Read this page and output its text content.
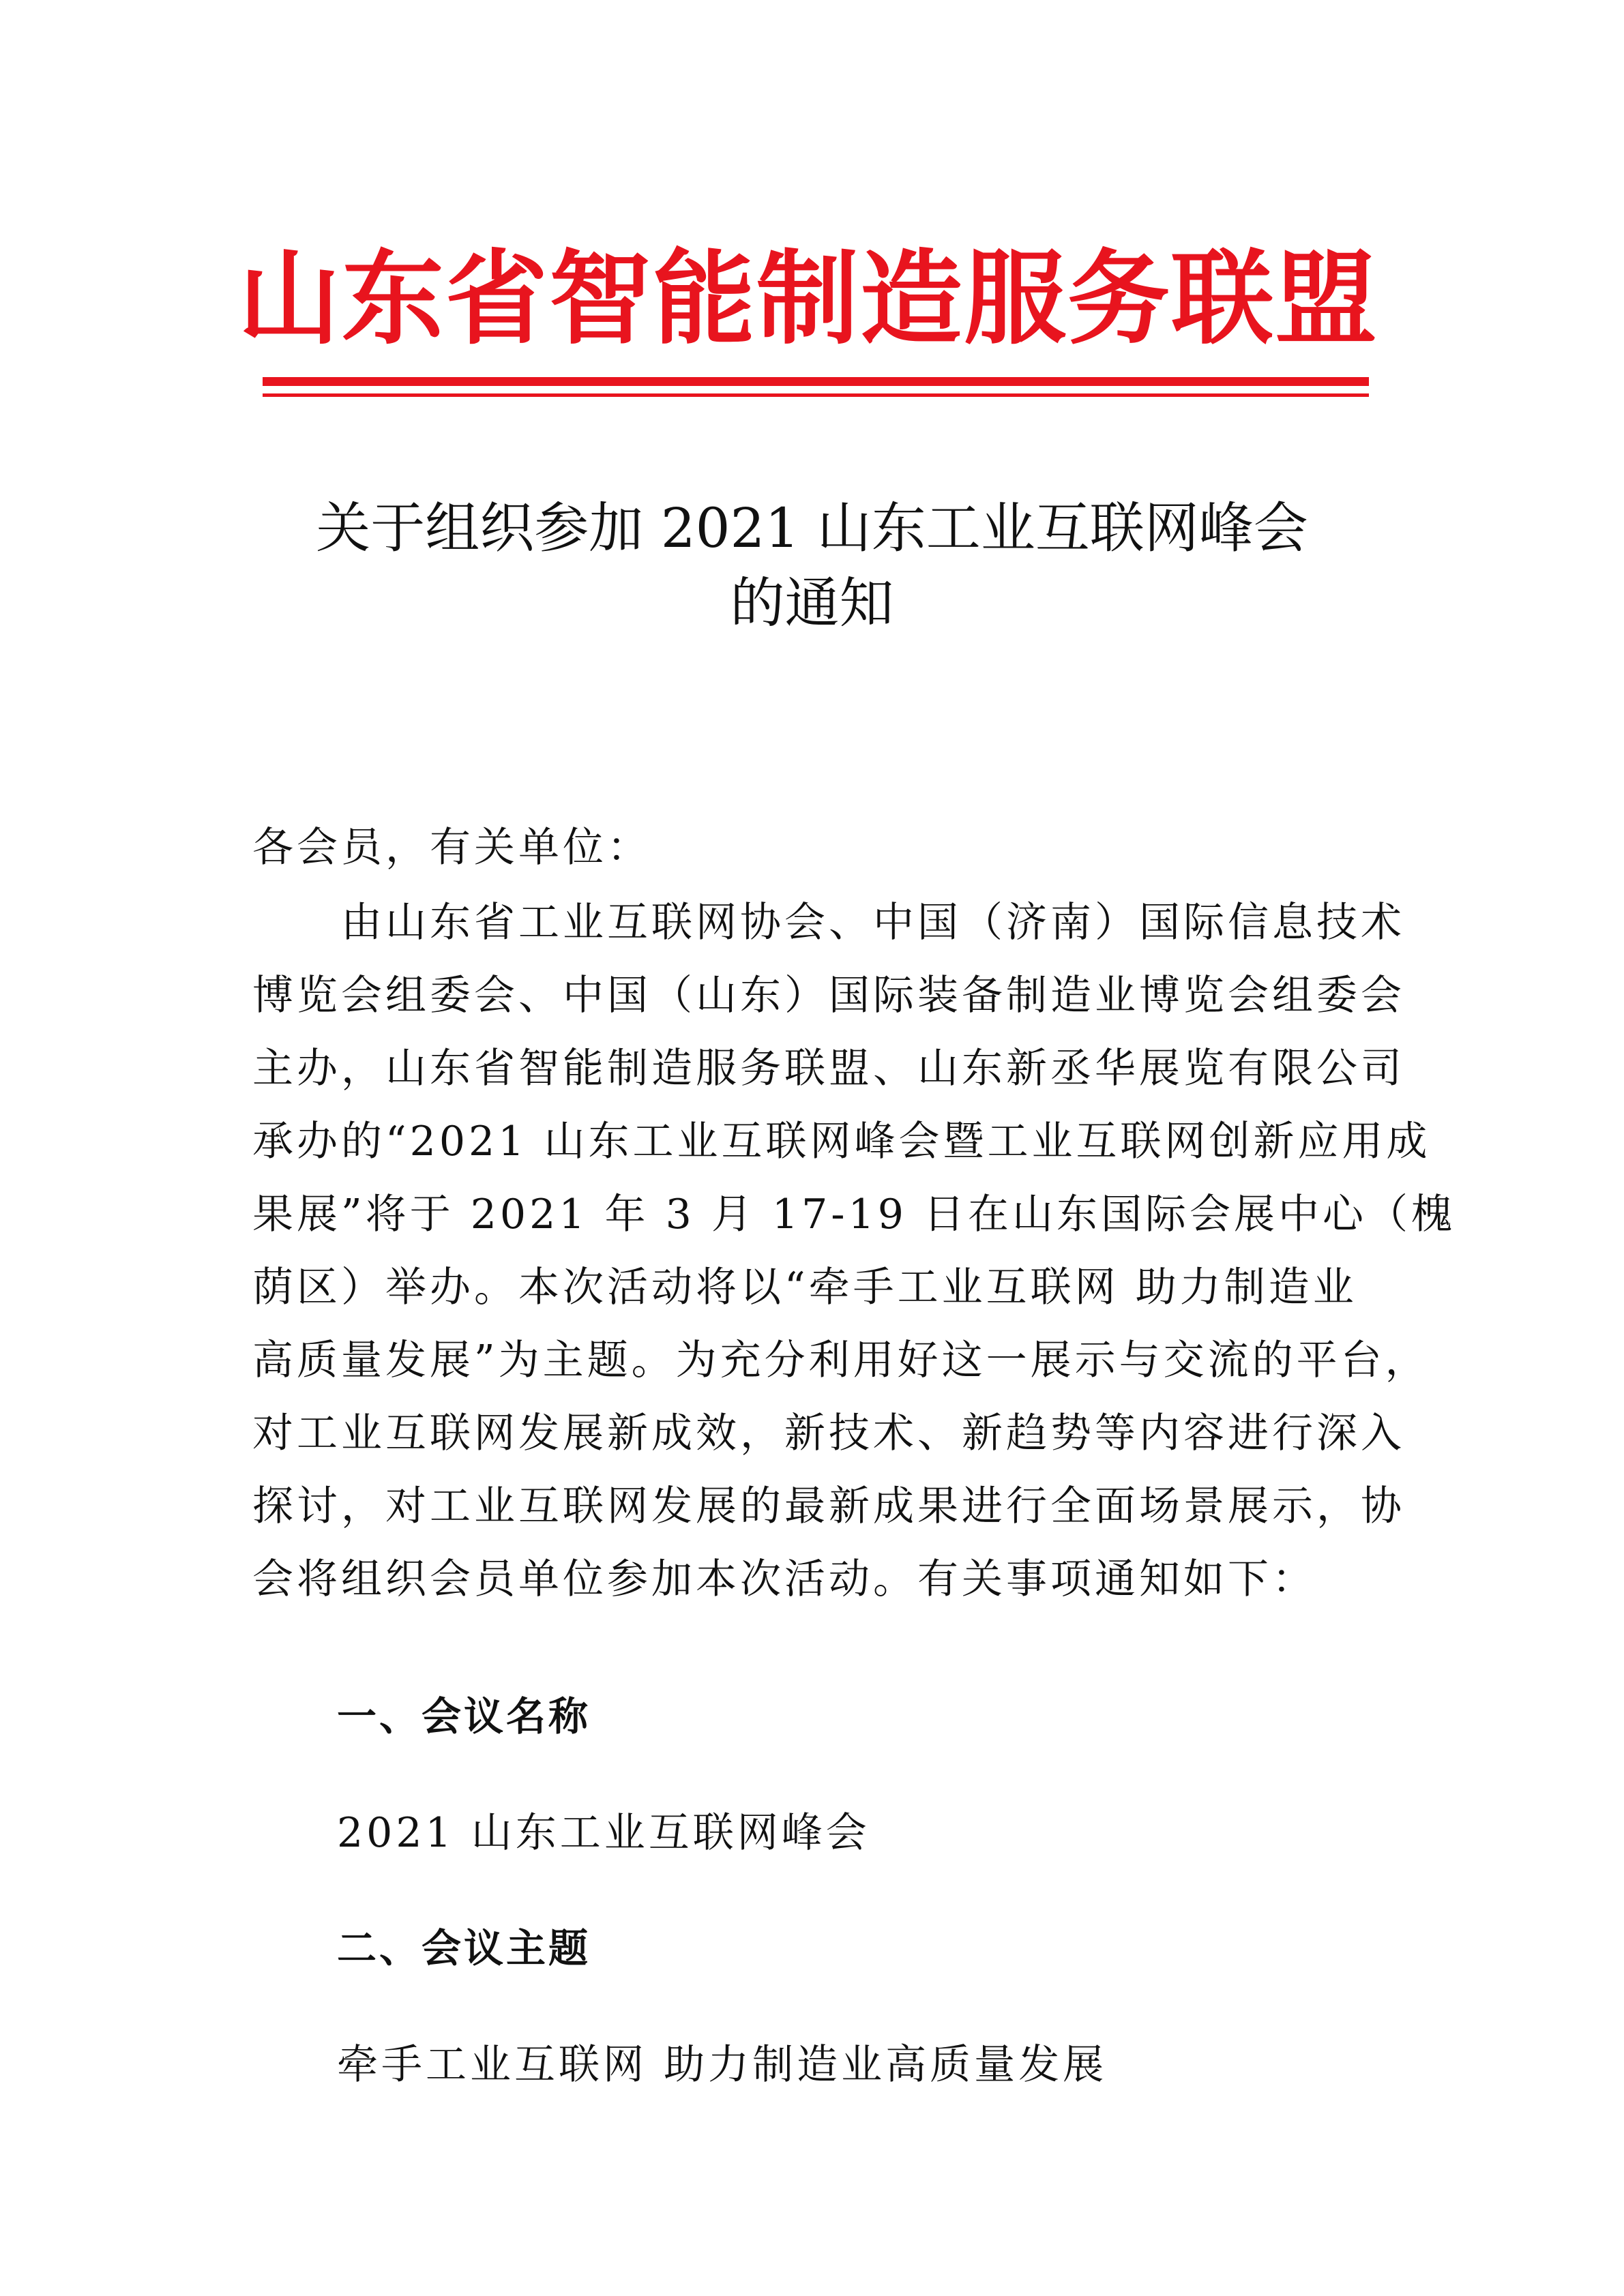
山东省智能制造服务联盟
关于组织参加 2021 山东工业互联网峰会
的通知
各会员，有关单位：
　　由山东省工业互联网协会、中国（济南）国际信息技术
博览会组委会、中国（山东）国际装备制造业博览会组委会
主办，山东省智能制造服务联盟、山东新丞华展览有限公司
承办的“2021 山东工业互联网峰会暨工业互联网创新应用成
果展”将于 2021 年 3 月 17-19 日在山东国际会展中心（槐
荫区）举办。本次活动将以“牵手工业互联网 助力制造业
高质量发展”为主题。为充分利用好这一展示与交流的平台，
对工业互联网发展新成效，新技术、新趋势等内容进行深入
探讨，对工业互联网发展的最新成果进行全面场景展示，协
会将组织会员单位参加本次活动。有关事项通知如下：
一、会议名称
2021 山东工业互联网峰会
二、会议主题
牵手工业互联网 助力制造业高质量发展
